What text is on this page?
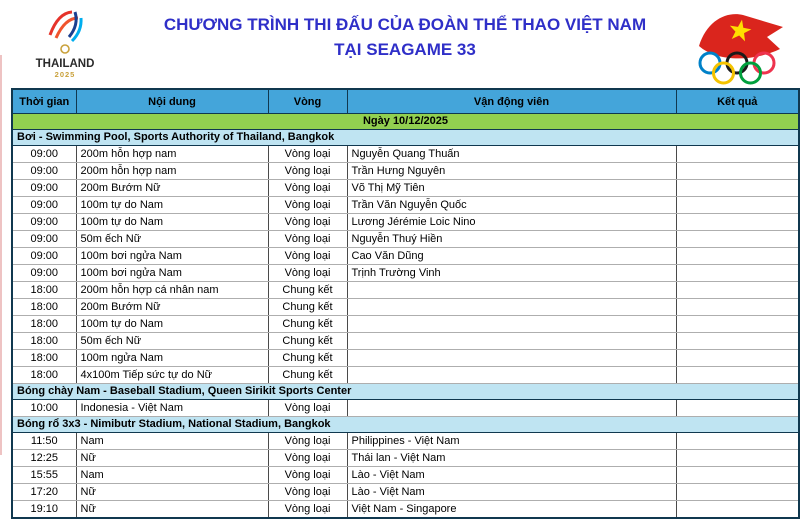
THAILAND
2025
CHƯƠNG TRÌNH THI ĐẤU CỦA ĐOÀN THỂ THAO VIỆT NAM
TẠI SEAGAME 33
Thời gian	Nội dung	Vòng	Vận động viên	Kết quả
Ngày 10/12/2025				
Bơi - Swimming Pool, Sports Authority of Thailand, Bangkok				
09:00	200m hỗn hợp nam	Vòng loại	Nguyễn Quang Thuấn	
09:00	200m hỗn hợp nam	Vòng loại	Trần Hưng Nguyên	
09:00	200m Bướm Nữ	Vòng loại	Võ Thị Mỹ Tiên	
09:00	100m tự do Nam	Vòng loại	Trần Văn Nguyễn Quốc	
09:00	100m tự do Nam	Vòng loại	Lương Jérémie Loic Nino	
09:00	50m ếch Nữ	Vòng loại	Nguyễn Thuý Hiền	
09:00	100m bơi ngửa Nam	Vòng loại	Cao Văn Dũng	
09:00	100m bơi ngửa Nam	Vòng loại	Trịnh Trường Vinh	
18:00	200m hỗn hợp cá nhân nam	Chung kết		
18:00	200m Bướm Nữ	Chung kết		
18:00	100m tự do Nam	Chung kết		
18:00	50m ếch Nữ	Chung kết		
18:00	100m ngửa Nam	Chung kết		
18:00	4x100m Tiếp sức tự do Nữ	Chung kết		
Bóng chày Nam - Baseball Stadium, Queen Sirikit Sports Center				
10:00	Indonesia - Việt Nam	Vòng loại		
Bóng rổ 3x3 - Nimibutr Stadium, National Stadium, Bangkok				
11:50	Nam	Vòng loại	Philippines - Việt Nam	
12:25	Nữ	Vòng loại	Thái lan - Việt Nam	
15:55	Nam	Vòng loại	Lào - Việt Nam	
17:20	Nữ	Vòng loại	Lào - Việt Nam	
19:10	Nữ	Vòng loại	Việt Nam - Singapore	
